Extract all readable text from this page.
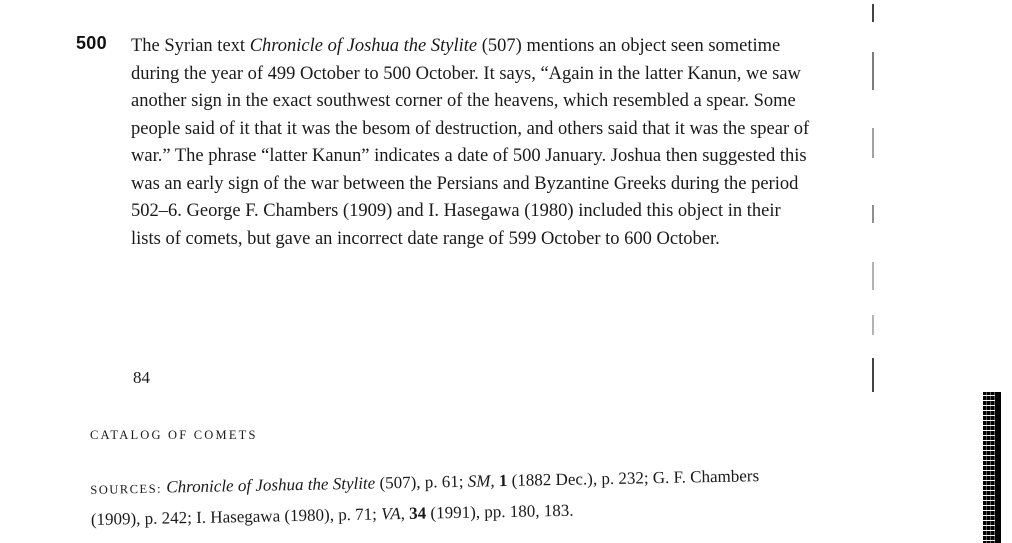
500 The Syrian text Chronicle of Joshua the Stylite (507) mentions an object seen sometime during the year of 499 October to 500 October. It says, “Again in the latter Kanun, we saw another sign in the exact southwest corner of the heavens, which resembled a spear. Some people said of it that it was the besom of destruction, and others said that it was the spear of war.” The phrase “latter Kanun” indicates a date of 500 January. Joshua then suggested this was an early sign of the war between the Persians and Byzantine Greeks during the period 502–6. George F. Chambers (1909) and I. Hasegawa (1980) included this object in their lists of comets, but gave an incorrect date range of 599 October to 600 October.

84
CATALOG OF COMETS

SOURCES: Chronicle of Joshua the Stylite (507), p. 61; SM, 1 (1882 Dec.), p. 232; G. F. Chambers (1909), p. 242; I. Hasegawa (1980), p. 71; VA, 34 (1991), pp. 180, 183.
